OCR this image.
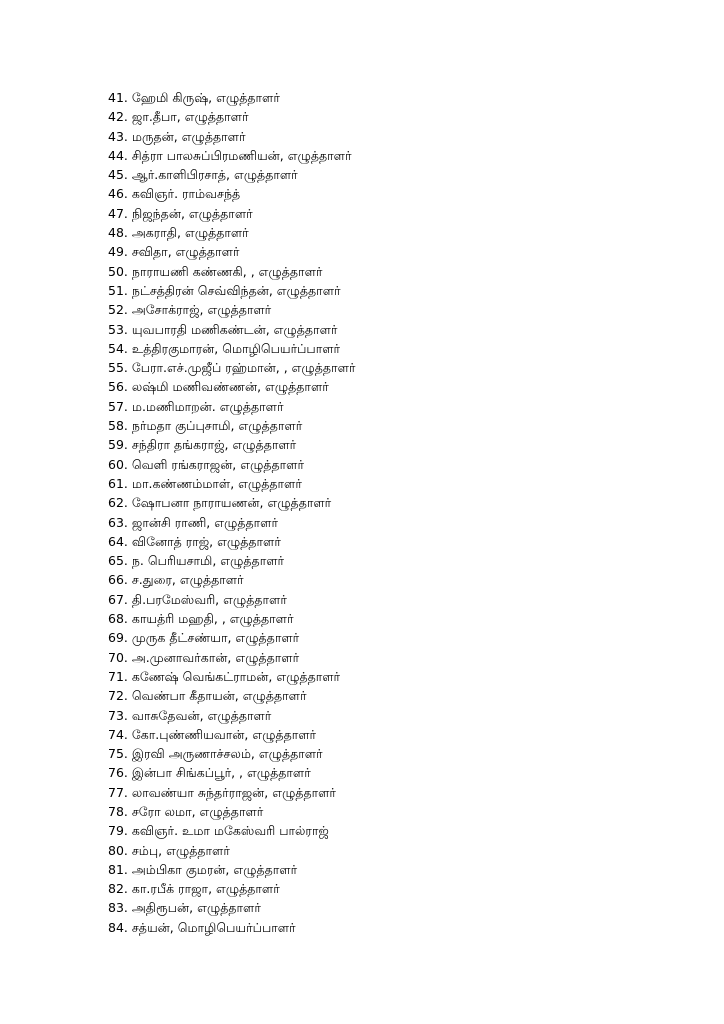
41. ஹேமி கிருஷ், எழுத்தாளர்
42. ஜா.தீபா, எழுத்தாளர்
43. மருதன், எழுத்தாளர்
44. சித்ரா பாலசுப்பிரமணியன், எழுத்தாளர்
45. ஆர்.காளிபிரசாத், எழுத்தாளர்
46. கவிஞர். ராம்வசந்த்
47. நிஜந்தன், எழுத்தாளர்
48. அகராதி, எழுத்தாளர்
49. சவிதா, எழுத்தாளர்
50. நாராயணி கண்ணகி, , எழுத்தாளர்
51. நட்சத்திரன் செவ்விந்தன், எழுத்தாளர்
52. அசோக்ராஜ், எழுத்தாளர்
53. யுவபாரதி மணிகண்டன், எழுத்தாளர்
54. உத்திரகுமாரன், மொழிபெயர்ப்பாளர்
55. பேரா.எச்.முஜீப் ரஹ்மான், , எழுத்தாளர்
56. லஷ்மி மணிவண்ணன், எழுத்தாளர்
57. ம.மணிமாறன். எழுத்தாளர்
58. நர்மதா குப்புசாமி, எழுத்தாளர்
59. சந்திரா தங்கராஜ், எழுத்தாளர்
60. வெளி ரங்கராஜன், எழுத்தாளர்
61. மா.கண்ணம்மாள், எழுத்தாளர்
62. ஷோபனா நாராயணன், எழுத்தாளர்
63. ஜான்சி ராணி, எழுத்தாளர்
64. வினோத் ராஜ், எழுத்தாளர்
65. ந. பெரியசாமி, எழுத்தாளர்
66. ச.துரை, எழுத்தாளர்
67. தி.பரமேஸ்வரி, எழுத்தாளர்
68. காயத்ரி மஹதி, , எழுத்தாளர்
69. முருக தீட்சண்யா, எழுத்தாளர்
70. அ.முனாவர்கான், எழுத்தாளர்
71. கணேஷ் வெங்கட்ராமன், எழுத்தாளர்
72. வெண்பா கீதாயன், எழுத்தாளர்
73. வாசுதேவன், எழுத்தாளர்
74. கோ.புண்ணியவான், எழுத்தாளர்
75. இரவி அருணாச்சலம், எழுத்தாளர்
76. இன்பா சிங்கப்பூர், , எழுத்தாளர்
77. லாவண்யா சுந்தர்ராஜன், எழுத்தாளர்
78. சரோ லமா, எழுத்தாளர்
79. கவிஞர். உமா மகேஸ்வரி பால்ராஜ்
80. சம்பு, எழுத்தாளர்
81. அம்பிகா குமரன், எழுத்தாளர்
82. கா.ரபீக் ராஜா, எழுத்தாளர்
83. அதிரூபன், எழுத்தாளர்
84. சத்யன், மொழிபெயர்ப்பாளர்
